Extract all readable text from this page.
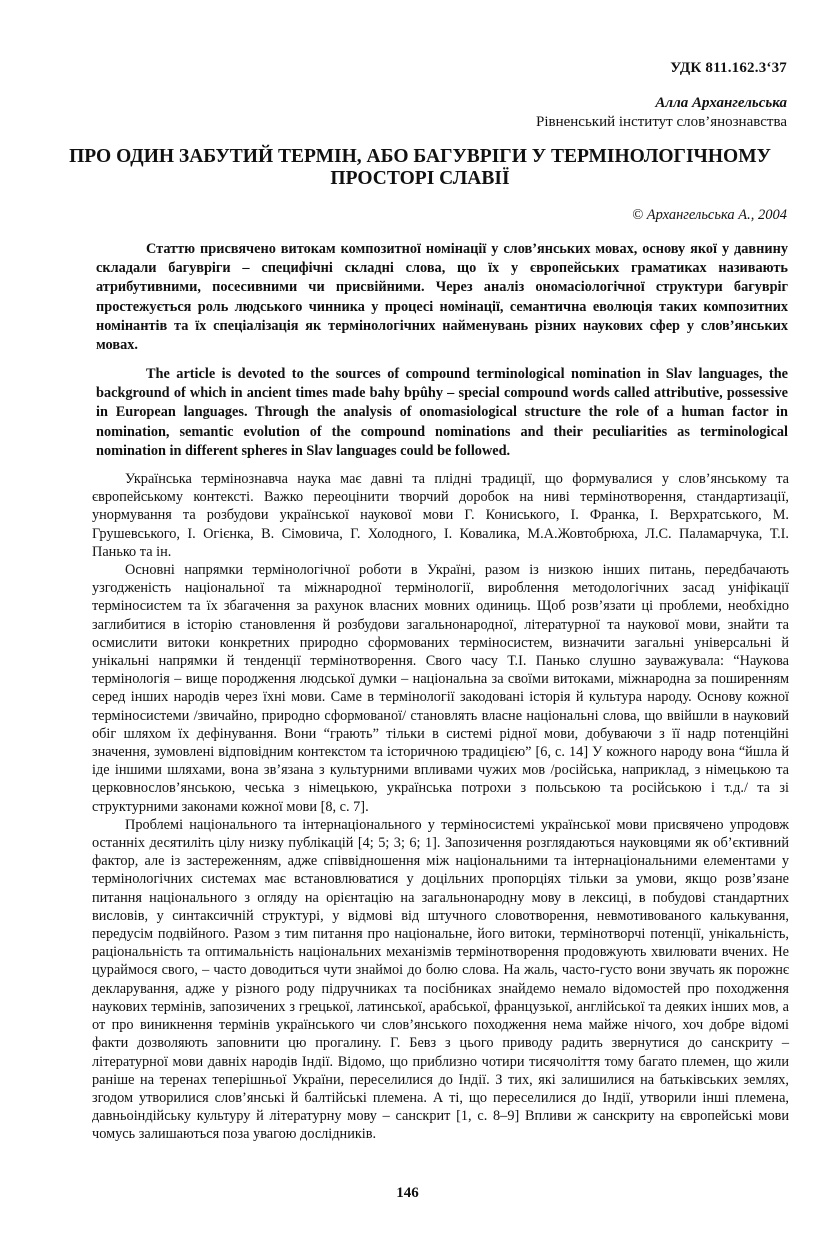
УДК 811.162.3‘37
Алла Архангельська
Рівненський інститут слов’янознавства
ПРО ОДИН ЗАБУТИЙ ТЕРМІН, АБО БАГУВРІГИ У ТЕРМІНОЛОГІЧНОМУ ПРОСТОРІ СЛАВІЇ
© Архангельська А., 2004

Статтю присвячено витокам композитної номінації у слов’янських мовах, основу якої у давнину складали багувріги – специфічні складні слова, що їх у європейських граматиках називають атрибутивними, посесивними чи присвійними. Через аналіз ономасіологічної структури багувріг простежується роль людського чинника у процесі номінації, семантична еволюція таких композитних номінантів та їх спеціалізація як термінологічних найменувань різних наукових сфер у слов’янських мовах.

The article is devoted to the sources of compound terminological nomination in Slav languages, the background of which in ancient times made bahy bpûhy – special compound words called attributive, possessive in European languages. Through the analysis of onomasiological structure the role of a human factor in nomination, semantic evolution of the compound nominations and their peculiarities as terminological nomination in different spheres in Slav languages could be followed.

Українська термінознавча наука має давні та плідні традиції, що формувалися у слов’янському та європейському контексті. Важко переоцінити творчий доробок на ниві термінотворення, стандартизації, унормування та розбудови української наукової мови Г. Кониського, І. Франка, І. Верхратського, М. Грушевського, І. Огієнка, В. Сімовича, Г. Холодного, І. Ковалика, М.А.Жовтобрюха, Л.С. Паламарчука, Т.І. Панько та ін.

Основні напрямки термінологічної роботи в Україні, разом із низкою інших питань, передбачають узгодженість національної та міжнародної термінології, вироблення методологічних засад уніфікації терміносистем та їх збагачення за рахунок власних мовних одиниць. Щоб розв’язати ці проблеми, необхідно заглибитися в історію становлення й розбудови загальнонародної, літературної та наукової мови, знайти та осмислити витоки конкретних природно сформованих терміносистем, визначити загальні універсальні й унікальні напрямки й тенденції термінотворення. Свого часу Т.І. Панько слушно зауважувала: “Наукова термінологія – вище породження людської думки – національна за своїми витоками, міжнародна за поширенням серед інших народів через їхні мови. Саме в термінології закодовані історія й культура народу. Основу кожної терміносистеми /звичайно, природно сформованої/ становлять власне національні слова, що ввійшли в науковий обіг шляхом їх дефінування. Вони “грають” тільки в системі рідної мови, добуваючи з її надр потенційні значення, зумовлені відповідним контекстом та історичною традицією” [6, с. 14] У кожного народу вона “йшла й іде іншими шляхами, вона зв’язана з культурними впливами чужих мов /російська, наприклад, з німецькою та церковнослов’янською, чеська з німецькою, українська потрохи з польською та російською і т.д./ та зі структурними законами кожної мови [8, с. 7].

Проблемі національного та інтернаціонального у терміносистемі української мови присвячено упродовж останніх десятиліть цілу низку публікацій [4; 5; 3; 6; 1]. Запозичення розглядаються науковцями як об’єктивний фактор, але із застереженням, адже співвідношення між національними та інтернаціональними елементами у термінологічних системах має встановлюватися у доцільних пропорціях тільки за умови, якщо розв’язане питання національного з огляду на орієнтацію на загальнонародну мову в лексиці, в побудові стандартних висловів, у синтаксичній структурі, у відмові від штучного словотворення, невмотивованого калькування, передусім подвійного. Разом з тим питання про національне, його витоки, термінотворчі потенції, унікальність, раціональність та оптимальність національних механізмів термінотворення продовжують хвилювати вчених. Не цураймося свого, – часто доводиться чути знаймоі до болю слова. На жаль, часто-густо вони звучать як порожнє декларування, адже у різного роду підручниках та посібниках знайдемо немало відомостей про походження наукових термінів, запозичених з грецької, латинської, арабської, французької, англійської та деяких інших мов, а от про виникнення термінів українського чи слов’янського походження нема майже нічого, хоч добре відомі факти дозволяють заповнити цю прогалину. Г. Бевз з цього приводу радить звернутися до санскриту – літературної мови давніх народів Індії. Відомо, що приблизно чотири тисячоліття тому багато племен, що жили раніше на теренах теперішньої України, переселилися до Індії. З тих, які залишилися на батьківських землях, згодом утворилися слов’янські й балтійські племена. А ті, що переселилися до Індії, утворили інші племена, давньоіндійську культуру й літературну мову – санскрит [1, с. 8–9] Впливи ж санскриту на європейські мови чомусь залишаються поза увагою дослідників.

146
